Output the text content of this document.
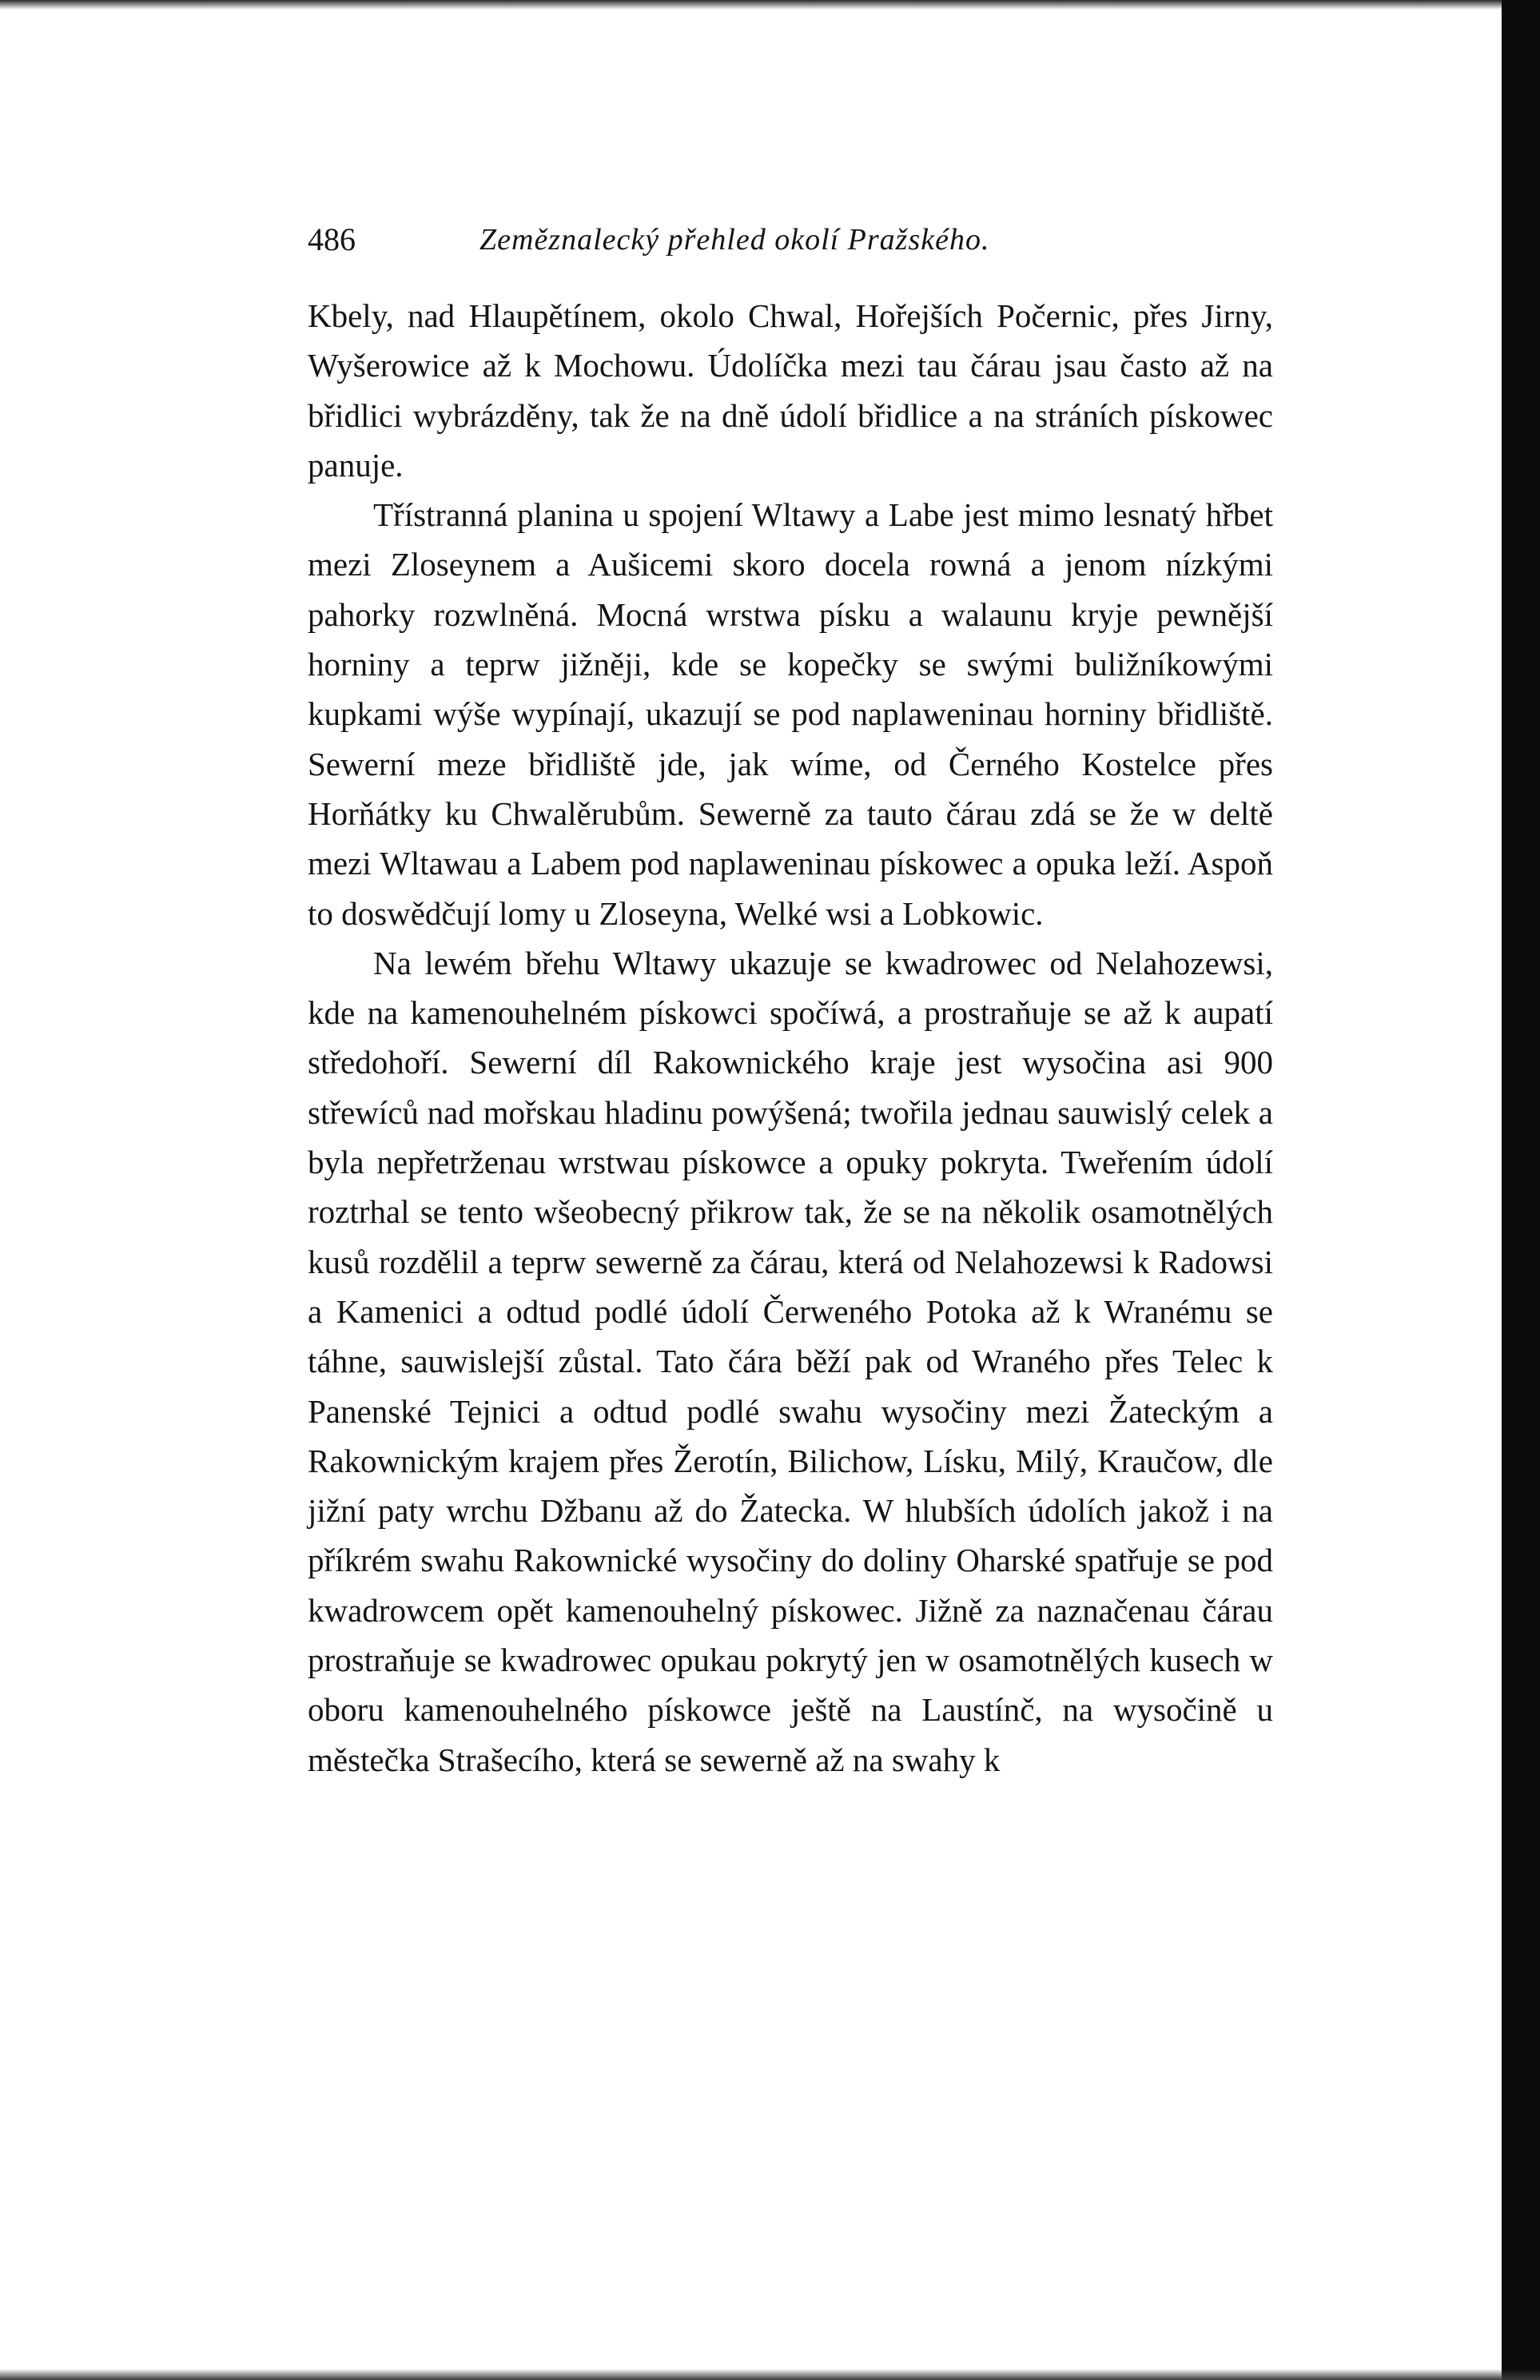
486	Zeměznalecký přehled okolí Pražského.

Kbely, nad Hlaupětínem, okolo Chwal, Hořejších Počernic, přes Jirny, Wyšerowice až k Mochowu. Údolíčka mezi tau čárau jsau často až na břidlici wybrázděny, tak že na dně údolí břidlice a na stráních pískowec panuje.

Třístranná planina u spojení Wltawy a Labe jest mimo lesnatý hřbet mezi Zloseynem a Aušicemi skoro docela rowná a jenom nízkými pahorky rozwlněná. Mocná wrstwa písku a walaunu kryje pewnější horniny a teprw jižněji, kde se kopečky se swými buližníkowými kupkami wýše wypínají, ukazují se pod naplaweninau horniny břidliště. Sewerní meze břidliště jde, jak wíme, od Černého Kostelce přes Horňátky ku Chwalěrubům. Sewerně za tauto čárau zdá se že w deltě mezi Wltawau a Labem pod naplaweninau pískowec a opuka leží. Aspoň to doswědčují lomy u Zloseyna, Welké wsi a Lobkowic.

Na lewém břehu Wltawy ukazuje se kwadrowec od Nelahozewsi, kde na kamenouhelném pískowci spočíwá, a prostraňuje se až k aupatí středohoří. Sewerní díl Rakownického kraje jest wysočina asi 900 střewíců nad mořskau hladinu powýšená; twořila jednau sauwislý celek a byla nepřetrženau wrstwau pískowce a opuky pokryta. Tweřením údolí roztrhal se tento wšeobecný přikrow tak, že se na několik osamotnělých kusů rozdělil a teprw sewerně za čárau, která od Nelahozewsi k Radowsi a Kamenici a odtud podlé údolí Čerweného Potoka až k Wranému se táhne, sauwislejší zůstal. Tato čára běží pak od Wraného přes Telec k Panenské Tejnici a odtud podlé swahu wysočiny mezi Žateckým a Rakownickým krajem přes Žerotín, Bilichow, Lísku, Milý, Kraučow, dle jižní paty wrchu Džbanu až do Žatecka. W hlubších údolích jakož i na příkrém swahu Rakownické wysočiny do doliny Oharské spatřuje se pod kwadrowcem opět kamenouhelný pískowec. Jižně za naznačenau čárau prostraňuje se kwadrowec opukau pokrytý jen w osamotnělých kusech w oboru kamenouhelného pískowce ještě na Laustínč, na wysočině u městečka Strašecího, která se sewerně až na swahy k
